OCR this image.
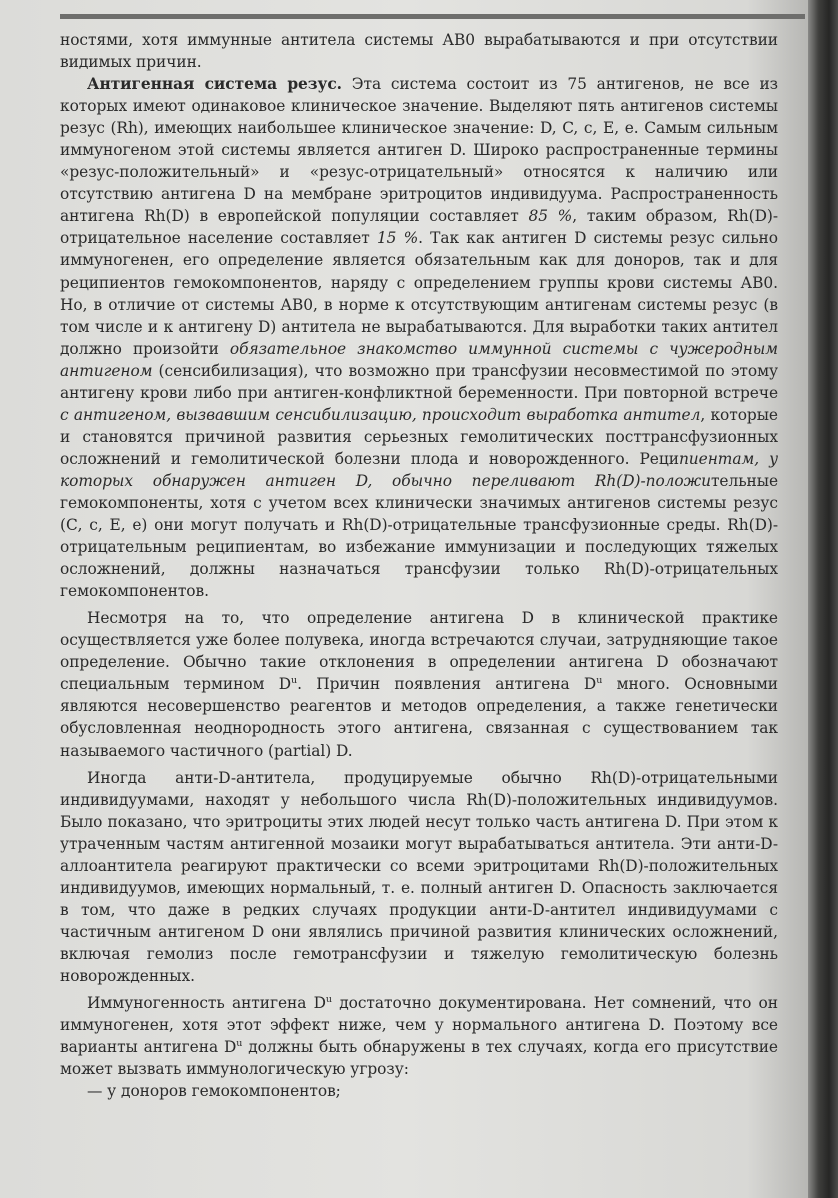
ностями, хотя иммунные антитела системы АВ0 вырабатываются и при отсутствии видимых причин.

Антигенная система резус. Эта система состоит из 75 антигенов, не все из которых имеют одинаковое клиническое значение. Выделяют пять антигенов системы резус (Rh), имеющих наибольшее клиническое значение: D, C, c, E, e. Самым сильным иммуногеном этой системы является антиген D. Широко распространенные термины «резус-положительный» и «резус-отрицательный» относятся к наличию или отсутствию антигена D на мембране эритроцитов индивидуума. Распространенность антигена Rh(D) в европейской популяции составляет 85 %, таким образом, Rh(D)-отрицательное население составляет 15 %. Так как антиген D системы резус сильно иммуногенен, его определение является обязательным как для доноров, так и для реципиентов гемокомпонентов, наряду с определением группы крови системы АВ0. Но, в отличие от системы АВ0, в норме к отсутствующим антигенам системы резус (в том числе и к антигену D) антитела не вырабатываются. Для выработки таких антител должно произойти обязательное знакомство иммунной системы с чужеродным антигеном (сенсибилизация), что возможно при трансфузии несовместимой по этому антигену крови либо при антиген-конфликтной беременности. При повторной встрече с антигеном, вызвавшим сенсибилизацию, происходит выработка антител, которые и становятся причиной развития серьезных гемолитических посттрансфузионных осложнений и гемолитической болезни плода и новорожденного. Реципиентам, у которых обнаружен антиген D, обычно переливают Rh(D)-положительные гемокомпоненты, хотя с учетом всех клинически значимых антигенов системы резус (С, с, Е, е) они могут получать и Rh(D)-отрицательные трансфузионные среды. Rh(D)-отрицательным реципиентам, во избежание иммунизации и последующих тяжелых осложнений, должны назначаться трансфузии только Rh(D)-отрицательных гемокомпонентов.

Несмотря на то, что определение антигена D в клинической практике осуществляется уже более полувека, иногда встречаются случаи, затрудняющие такое определение. Обычно такие отклонения в определении антигена D обозначают специальным термином $D^u$. Причин появления антигена $D^u$ много. Основными являются несовершенство реагентов и методов определения, а также генетически обусловленная неоднородность этого антигена, связанная с существованием так называемого частичного (partial) D.

Иногда анти-D-антитела, продуцируемые обычно Rh(D)-отрицательными индивидуумами, находят у небольшого числа Rh(D)-положительных индивидуумов. Было показано, что эритроциты этих людей несут только часть антигена D. При этом к утраченным частям антигенной мозаики могут вырабатываться антитела. Эти анти-D-аллоантитела реагируют практически со всеми эритроцитами Rh(D)-положительных индивидуумов, имеющих нормальный, т. е. полный антиген D. Опасность заключается в том, что даже в редких случаях продукции анти-D-антител индивидуумами с частичным антигеном D они являлись причиной развития клинических осложнений, включая гемолиз после гемотрансфузии и тяжелую гемолитическую болезнь новорожденных.

Иммуногенность антигена $D^u$ достаточно документирована. Нет сомнений, что он иммуногенен, хотя этот эффект ниже, чем у нормального антигена D. Поэтому все варианты антигена $D^u$ должны быть обнаружены в тех случаях, когда его присутствие может вызвать иммунологическую угрозу:

— у доноров гемокомпонентов;
